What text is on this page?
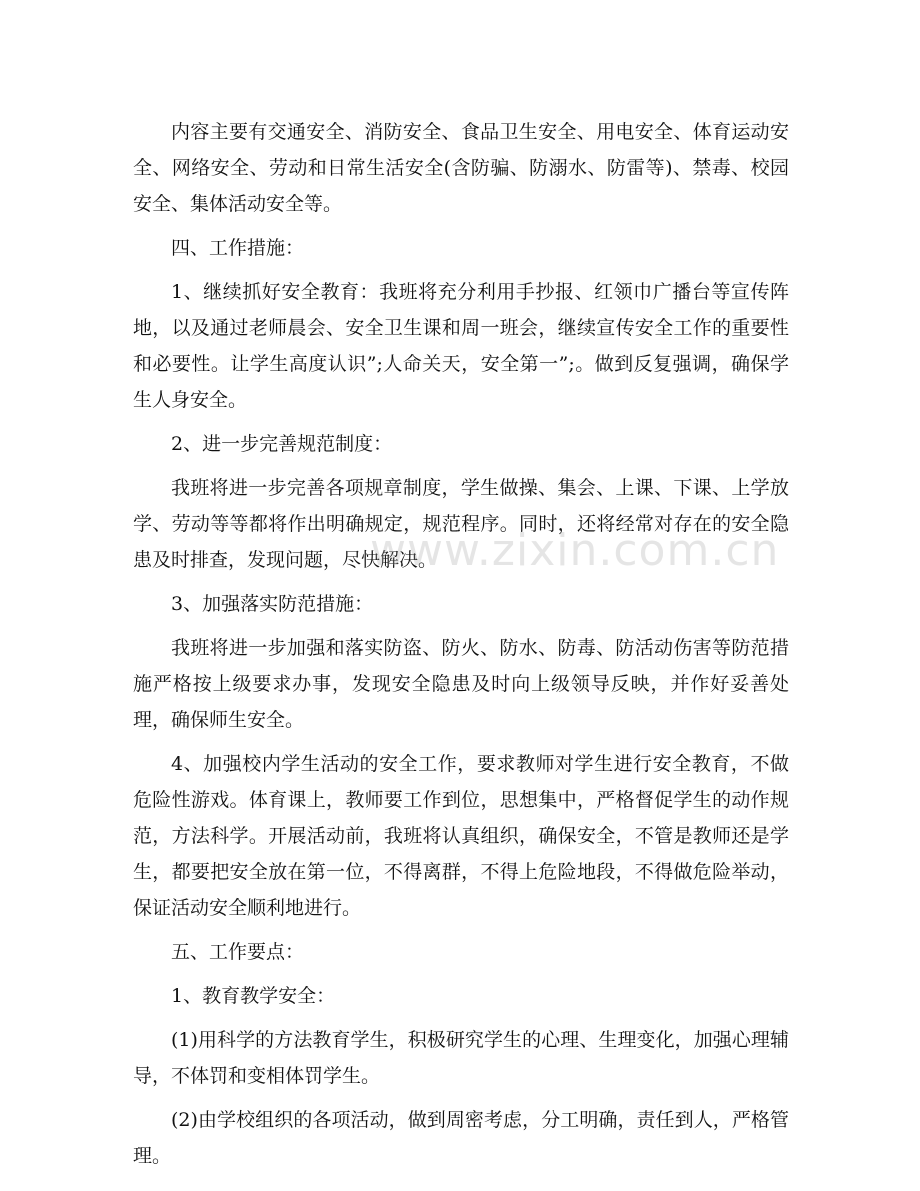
内容主要有交通安全、消防安全、食品卫生安全、用电安全、体育运动安全、网络安全、劳动和日常生活安全(含防骗、防溺水、防雷等)、禁毒、校园安全、集体活动安全等。

四、工作措施：

1、继续抓好安全教育：我班将充分利用手抄报、红领巾广播台等宣传阵地，以及通过老师晨会、安全卫生课和周一班会，继续宣传安全工作的重要性和必要性。让学生高度认识”;人命关天，安全第一”;。做到反复强调，确保学生人身安全。

2、进一步完善规范制度：

我班将进一步完善各项规章制度，学生做操、集会、上课、下课、上学放学、劳动等等都将作出明确规定，规范程序。同时，还将经常对存在的安全隐患及时排查，发现问题，尽快解决。

3、加强落实防范措施：

我班将进一步加强和落实防盗、防火、防水、防毒、防活动伤害等防范措施严格按上级要求办事，发现安全隐患及时向上级领导反映，并作好妥善处理，确保师生安全。

4、加强校内学生活动的安全工作，要求教师对学生进行安全教育，不做危险性游戏。体育课上，教师要工作到位，思想集中，严格督促学生的动作规范，方法科学。开展活动前，我班将认真组织，确保安全，不管是教师还是学生，都要把安全放在第一位，不得离群，不得上危险地段，不得做危险举动，保证活动安全顺利地进行。

五、工作要点：

1、教育教学安全：

(1)用科学的方法教育学生，积极研究学生的心理、生理变化，加强心理辅导，不体罚和变相体罚学生。

(2)由学校组织的各项活动，做到周密考虑，分工明确，责任到人，严格管理。

www.zixin.com.cn
